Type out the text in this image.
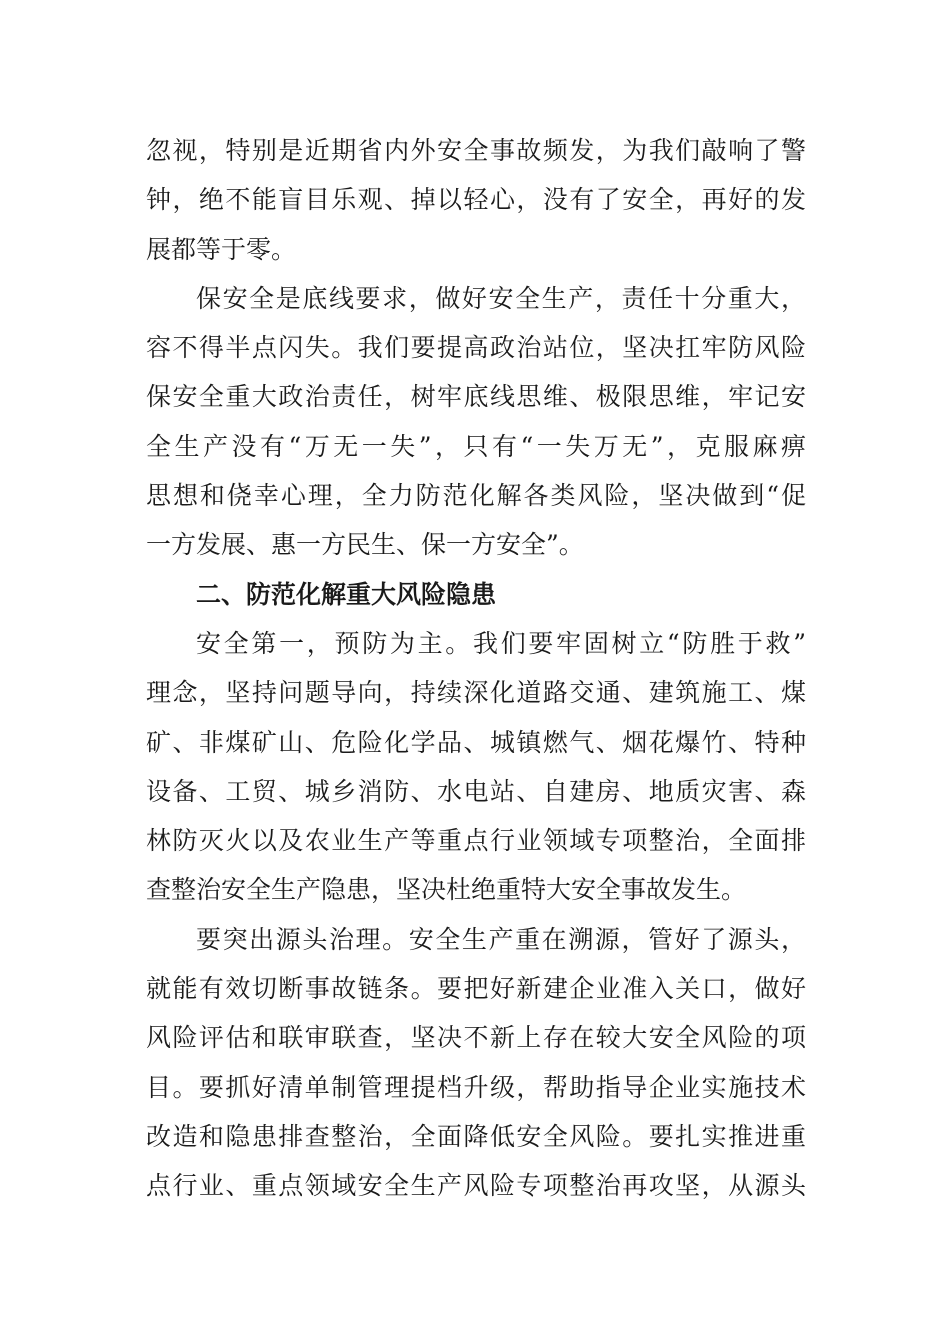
忽视，特别是近期省内外安全事故频发，为我们敲响了警
钟，绝不能盲目乐观、掉以轻心，没有了安全，再好的发
展都等于零。
保安全是底线要求，做好安全生产，责任十分重大，
容不得半点闪失。我们要提高政治站位，坚决扛牢防风险
保安全重大政治责任，树牢底线思维、极限思维，牢记安
全生产没有“万无一失”，只有“一失万无”，克服麻痹
思想和侥幸心理，全力防范化解各类风险，坚决做到“促
一方发展、惠一方民生、保一方安全”。
二、防范化解重大风险隐患
安全第一，预防为主。我们要牢固树立“防胜于救”
理念，坚持问题导向，持续深化道路交通、建筑施工、煤
矿、非煤矿山、危险化学品、城镇燃气、烟花爆竹、特种
设备、工贸、城乡消防、水电站、自建房、地质灾害、森
林防灭火以及农业生产等重点行业领域专项整治，全面排
查整治安全生产隐患，坚决杜绝重特大安全事故发生。
要突出源头治理。安全生产重在溯源，管好了源头，
就能有效切断事故链条。要把好新建企业准入关口，做好
风险评估和联审联查，坚决不新上存在较大安全风险的项
目。要抓好清单制管理提档升级，帮助指导企业实施技术
改造和隐患排查整治，全面降低安全风险。要扎实推进重
点行业、重点领域安全生产风险专项整治再攻坚，从源头
